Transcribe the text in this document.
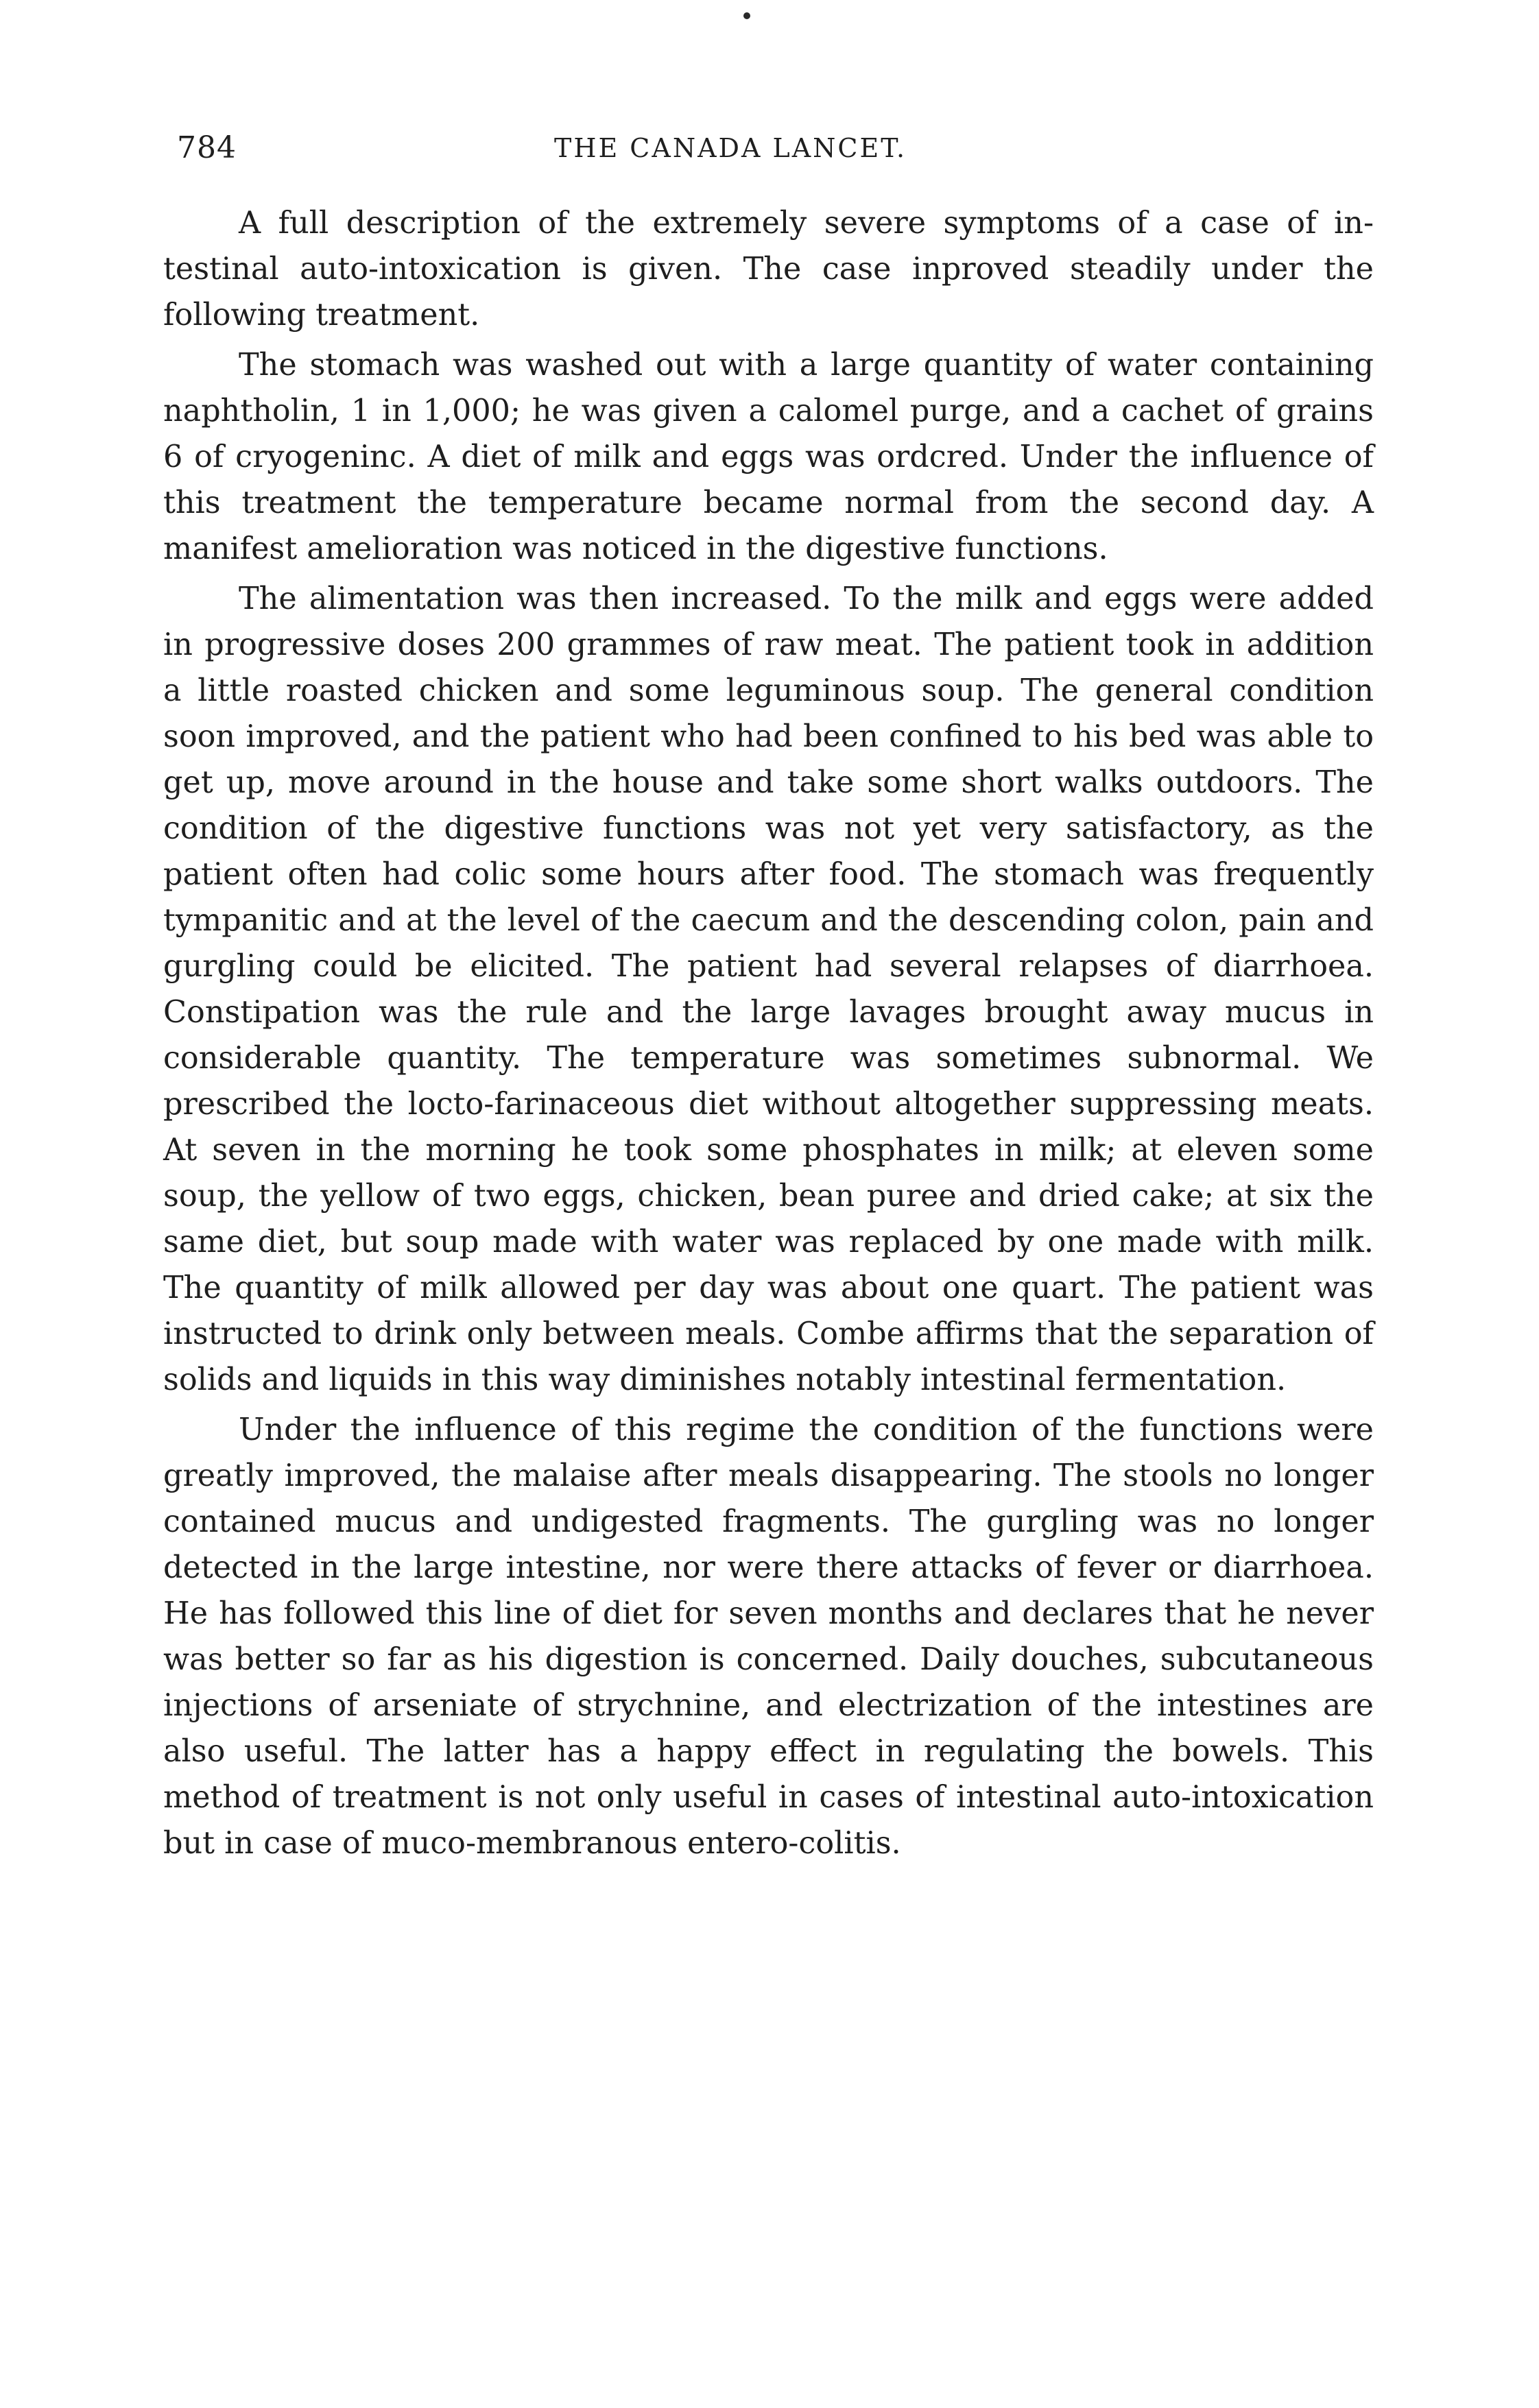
784	THE CANADA LANCET.

A full description of the extremely severe symptoms of a case of intestinal auto-intoxication is given. The case inproved steadily under the following treatment.

The stomach was washed out with a large quantity of water containing naphtholin, 1 in 1,000; he was given a calomel purge, and a cachet of grains 6 of cryogeninc. A diet of milk and eggs was ordcred. Under the influence of this treatment the temperature became normal from the second day. A manifest amelioration was noticed in the digestive functions.

The alimentation was then increased. To the milk and eggs were added in progressive doses 200 grammes of raw meat. The patient took in addition a little roasted chicken and some leguminous soup. The general condition soon improved, and the patient who had been confined to his bed was able to get up, move around in the house and take some short walks outdoors. The condition of the digestive functions was not yet very satisfactory, as the patient often had colic some hours after food. The stomach was frequently tympanitic and at the level of the caecum and the descending colon, pain and gurgling could be elicited. The patient had several relapses of diarrhoea. Constipation was the rule and the large lavages brought away mucus in considerable quantity. The temperature was sometimes subnormal. We prescribed the locto-farinaceous diet without altogether suppressing meats. At seven in the morning he took some phosphates in milk; at eleven some soup, the yellow of two eggs, chicken, bean puree and dried cake; at six the same diet, but soup made with water was replaced by one made with milk. The quantity of milk allowed per day was about one quart. The patient was instructed to drink only between meals. Combe affirms that the separation of solids and liquids in this way diminishes notably intestinal fermentation.

Under the influence of this regime the condition of the functions were greatly improved, the malaise after meals disappearing. The stools no longer contained mucus and undigested fragments. The gurgling was no longer detected in the large intestine, nor were there attacks of fever or diarrhoea. He has followed this line of diet for seven months and declares that he never was better so far as his digestion is concerned. Daily douches, subcutaneous injections of arseniate of strychnine, and electrization of the intestines are also useful. The latter has a happy effect in regulating the bowels. This method of treatment is not only useful in cases of intestinal auto-intoxication but in case of muco-membranous entero-colitis.
